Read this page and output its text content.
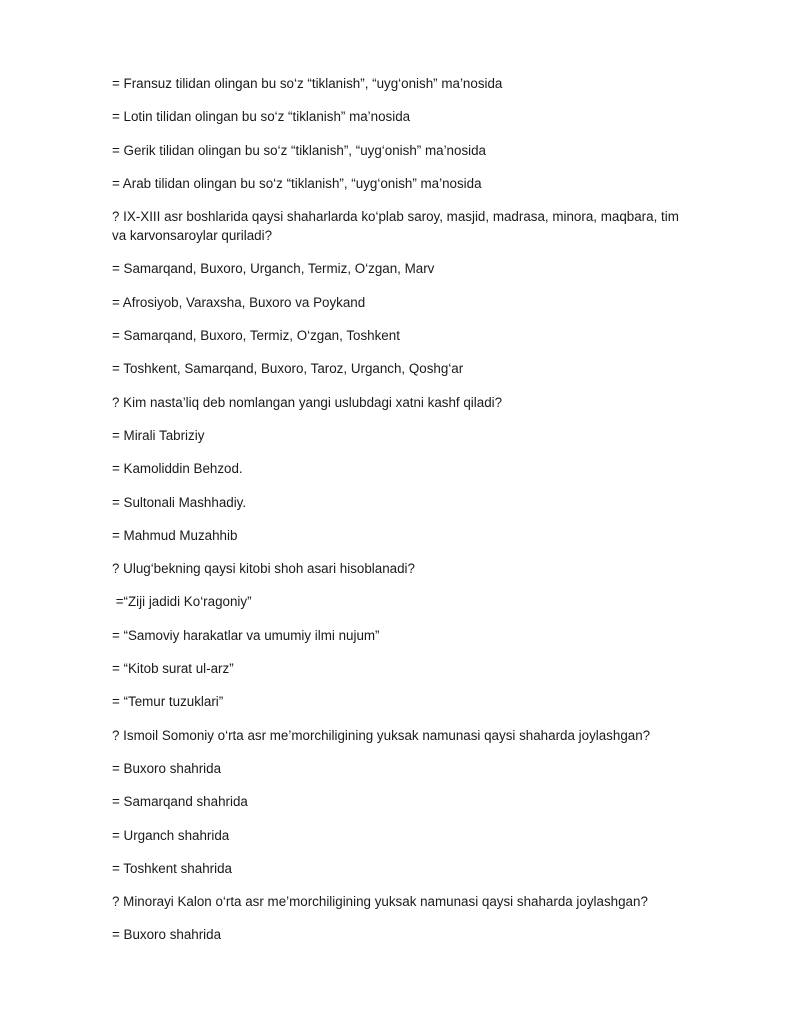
= Fransuz tilidan olingan bu so‘z “tiklanish”, “uyg‘onish” ma’nosida

= Lotin tilidan olingan bu so‘z “tiklanish” ma’nosida

= Gerik tilidan olingan bu so‘z “tiklanish”, “uyg‘onish” ma’nosida

= Arab tilidan olingan bu so‘z “tiklanish”, “uyg‘onish” ma’nosida

? IX-XIII asr boshlarida qaysi shaharlarda ko‘plab saroy, masjid, madrasa, minora, maqbara, tim va karvonsaroylar quriladi?

= Samarqand, Buxoro, Urganch, Termiz, O‘zgan, Marv

= Afrosiyob, Varaxsha, Buxoro va Poykand

= Samarqand, Buxoro, Termiz, O‘zgan, Toshkent

= Toshkent, Samarqand, Buxoro, Taroz, Urganch, Qoshg‘ar

? Kim nasta’liq deb nomlangan yangi uslubdagi xatni kashf qiladi?

= Mirali Tabriziy

= Kamoliddin Behzod.

= Sultonali Mashhadiy.

= Mahmud Muzahhib

? Ulug‘bekning qaysi kitobi shoh asari hisoblanadi?

=“Ziji jadidi Ko‘ragoniy”

= “Samoviy harakatlar va umumiy ilmi nujum”

= “Kitob surat ul-arz”

= “Temur tuzuklari”

? Ismoil Somoniy o‘rta asr me’morchiligining yuksak namunasi qaysi shaharda joylashgan?

= Buxoro shahrida

= Samarqand shahrida

= Urganch shahrida

= Toshkent shahrida

? Minorayi Kalon o‘rta asr me’morchiligining yuksak namunasi qaysi shaharda joylashgan?

= Buxoro shahrida
